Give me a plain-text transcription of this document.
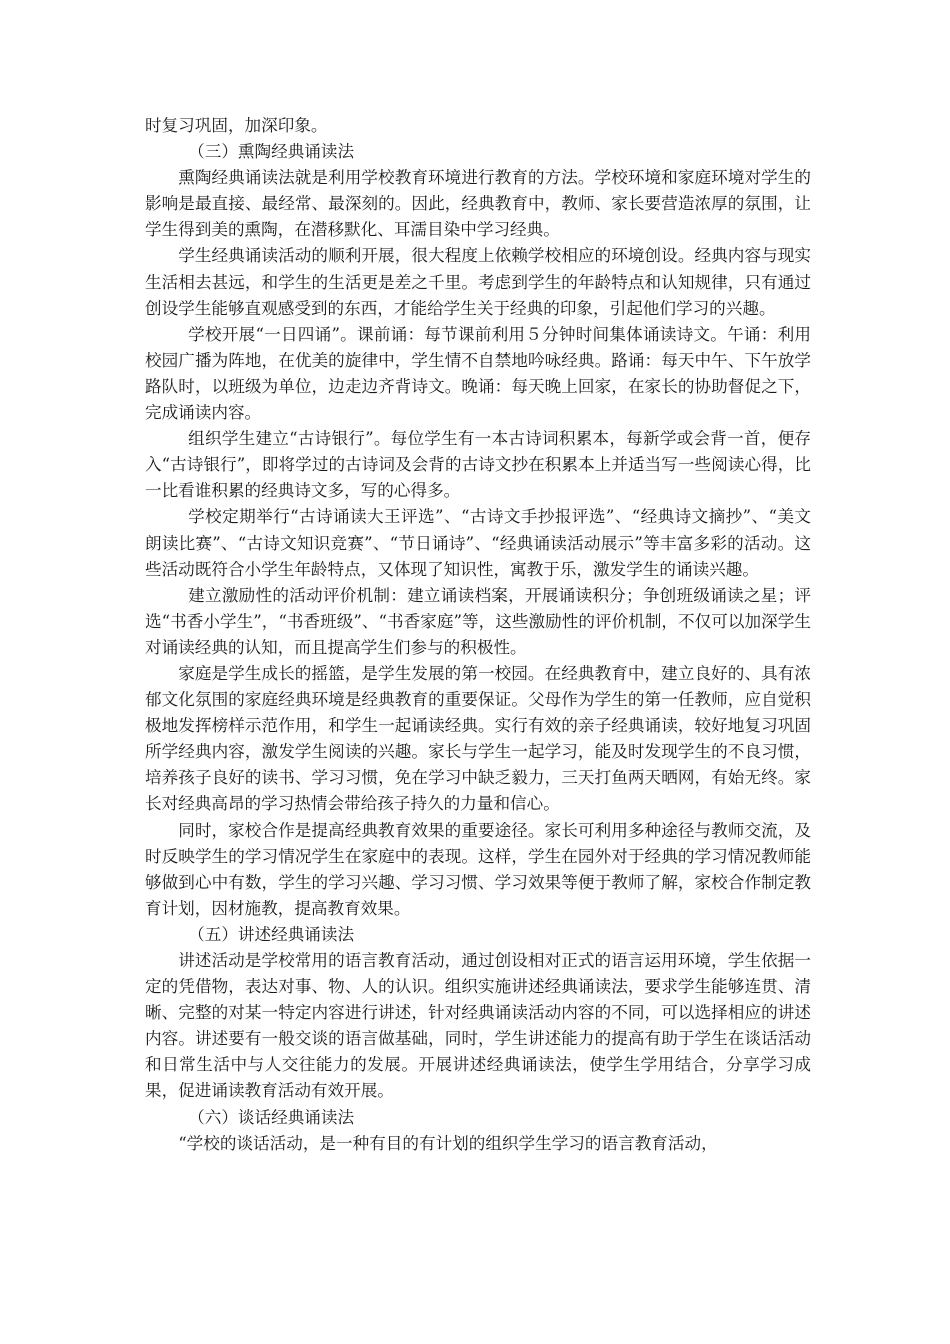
时复习巩固，加深印象。

（三）熏陶经典诵读法

熏陶经典诵读法就是利用学校教育环境进行教育的方法。学校环境和家庭环境对学生的影响是最直接、最经常、最深刻的。因此，经典教育中，教师、家长要营造浓厚的氛围，让学生得到美的熏陶，在潜移默化、耳濡目染中学习经典。

学生经典诵读活动的顺利开展，很大程度上依赖学校相应的环境创设。经典内容与现实生活相去甚远，和学生的生活更是差之千里。考虑到学生的年龄特点和认知规律，只有通过创设学生能够直观感受到的东西，才能给学生关于经典的印象，引起他们学习的兴趣。

学校开展“一日四诵”。课前诵：每节课前利用５分钟时间集体诵读诗文。午诵：利用校园广播为阵地，在优美的旋律中，学生情不自禁地吟咏经典。路诵：每天中午、下午放学路队时，以班级为单位，边走边齐背诗文。晚诵：每天晚上回家，在家长的协助督促之下，完成诵读内容。

组织学生建立“古诗银行”。每位学生有一本古诗词积累本，每新学或会背一首，便存入“古诗银行”，即将学过的古诗词及会背的古诗文抄在积累本上并适当写一些阅读心得，比一比看谁积累的经典诗文多，写的心得多。

学校定期举行“古诗诵读大王评选”、“古诗文手抄报评选”、“经典诗文摘抄”、“美文朗读比赛”、“古诗文知识竞赛”、“节日诵诗”、“经典诵读活动展示”等丰富多彩的活动。这些活动既符合小学生年龄特点，又体现了知识性，寓教于乐，激发学生的诵读兴趣。

建立激励性的活动评价机制：建立诵读档案，开展诵读积分；争创班级诵读之星；评选“书香小学生”，“书香班级”、“书香家庭”等，这些激励性的评价机制，不仅可以加深学生对诵读经典的认知，而且提高学生们参与的积极性。

家庭是学生成长的摇篮，是学生发展的第一校园。在经典教育中，建立良好的、具有浓郁文化氛围的家庭经典环境是经典教育的重要保证。父母作为学生的第一任教师，应自觉积极地发挥榜样示范作用，和学生一起诵读经典。实行有效的亲子经典诵读，较好地复习巩固所学经典内容，激发学生阅读的兴趣。家长与学生一起学习，能及时发现学生的不良习惯，培养孩子良好的读书、学习习惯，免在学习中缺乏毅力，三天打鱼两天晒网，有始无终。家长对经典高昂的学习热情会带给孩子持久的力量和信心。

同时，家校合作是提高经典教育效果的重要途径。家长可利用多种途径与教师交流，及时反映学生的学习情况学生在家庭中的表现。这样，学生在园外对于经典的学习情况教师能够做到心中有数，学生的学习兴趣、学习习惯、学习效果等便于教师了解，家校合作制定教育计划，因材施教，提高教育效果。

（五）讲述经典诵读法

讲述活动是学校常用的语言教育活动，通过创设相对正式的语言运用环境，学生依据一定的凭借物，表达对事、物、人的认识。组织实施讲述经典诵读法，要求学生能够连贯、清晰、完整的对某一特定内容进行讲述，针对经典诵读活动内容的不同，可以选择相应的讲述内容。讲述要有一般交谈的语言做基础，同时，学生讲述能力的提高有助于学生在谈话活动和日常生活中与人交往能力的发展。开展讲述经典诵读法，使学生学用结合，分享学习成果，促进诵读教育活动有效开展。

（六）谈话经典诵读法

“学校的谈话活动，是一种有目的有计划的组织学生学习的语言教育活动，
